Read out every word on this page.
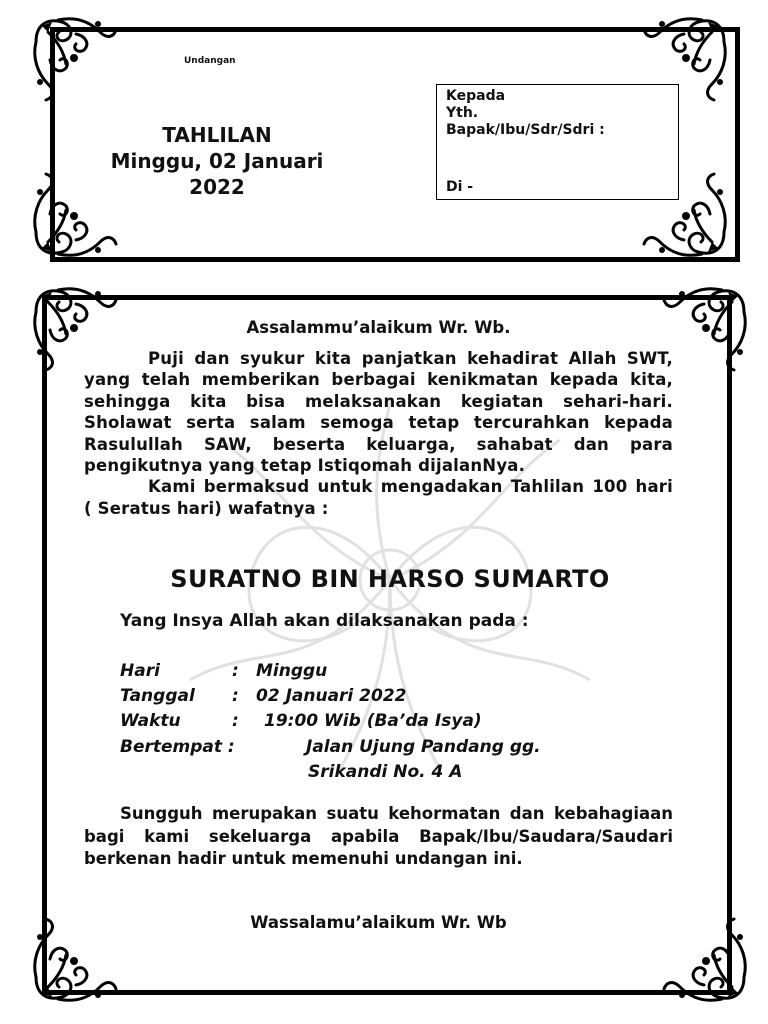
Undangan
TAHLILAN
Minggu, 02 Januari
2022
Kepada
Yth.
Bapak/Ibu/Sdr/Sdri :
Di -
Assalammu’alaikum Wr. Wb.

Puji dan syukur kita panjatkan kehadirat Allah SWT, yang telah memberikan berbagai kenikmatan kepada kita, sehingga kita bisa melaksanakan kegiatan sehari-hari. Sholawat serta salam semoga tetap tercurahkan kepada Rasulullah SAW, beserta keluarga, sahabat dan para pengikutnya yang tetap Istiqomah dijalanNya.

Kami bermaksud untuk mengadakan Tahlilan 100 hari ( Seratus hari) wafatnya :

SURATNO BIN HARSO SUMARTO
Yang Insya Allah akan dilaksanakan pada :
Hari	: Minggu
Tanggal : 02 Januari 2022
Waktu	: 19:00 Wib (Ba’da Isya)
Bertempat :	Jalan Ujung Pandang gg.
Srikandi No. 4 A

Sungguh merupakan suatu kehormatan dan kebahagiaan bagi kami sekeluarga apabila Bapak/Ibu/Saudara/Saudari berkenan hadir untuk memenuhi undangan ini.

Wassalamu’alaikum Wr. Wb
